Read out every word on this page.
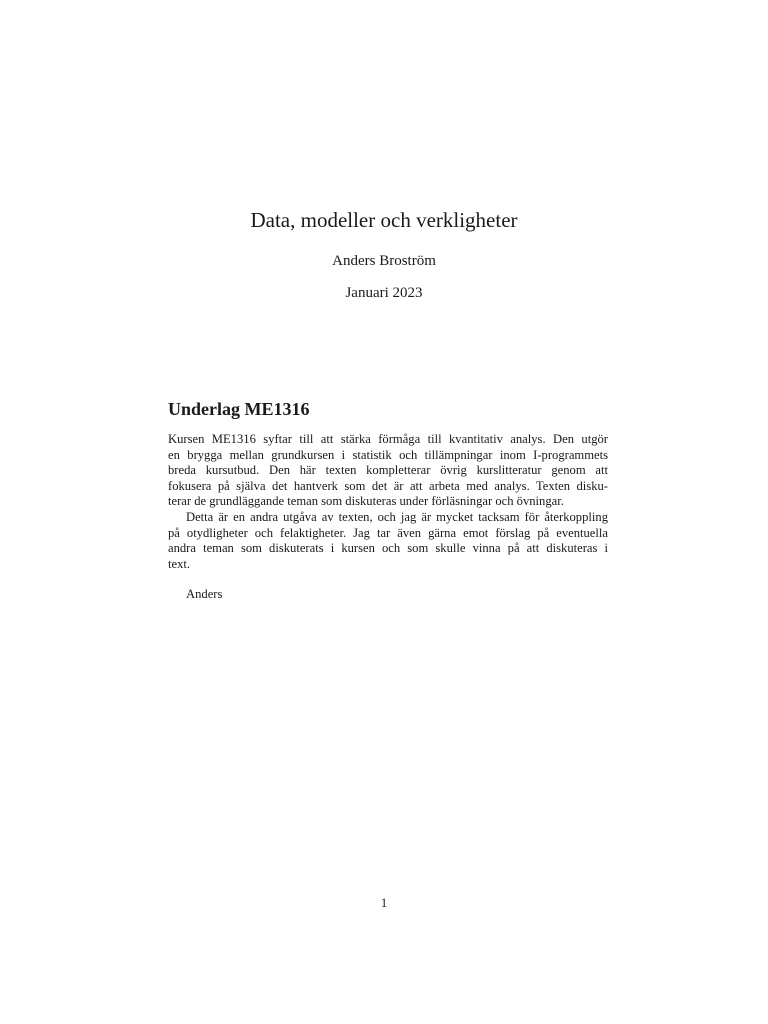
Data, modeller och verkligheter
Anders Broström
Januari 2023
Underlag ME1316

Kursen ME1316 syftar till att stärka förmåga till kvantitativ analys. Den utgör
en brygga mellan grundkursen i statistik och tillämpningar inom I-programmets
breda kursutbud. Den här texten kompletterar övrig kurslitteratur genom att
fokusera på själva det hantverk som det är att arbeta med analys. Texten disku-
terar de grundläggande teman som diskuteras under förläsningar och övningar.

Detta är en andra utgåva av texten, och jag är mycket tacksam för återkoppling
på otydligheter och felaktigheter. Jag tar även gärna emot förslag på eventuella
andra teman som diskuterats i kursen och som skulle vinna på att diskuteras i
text.

Anders
1
